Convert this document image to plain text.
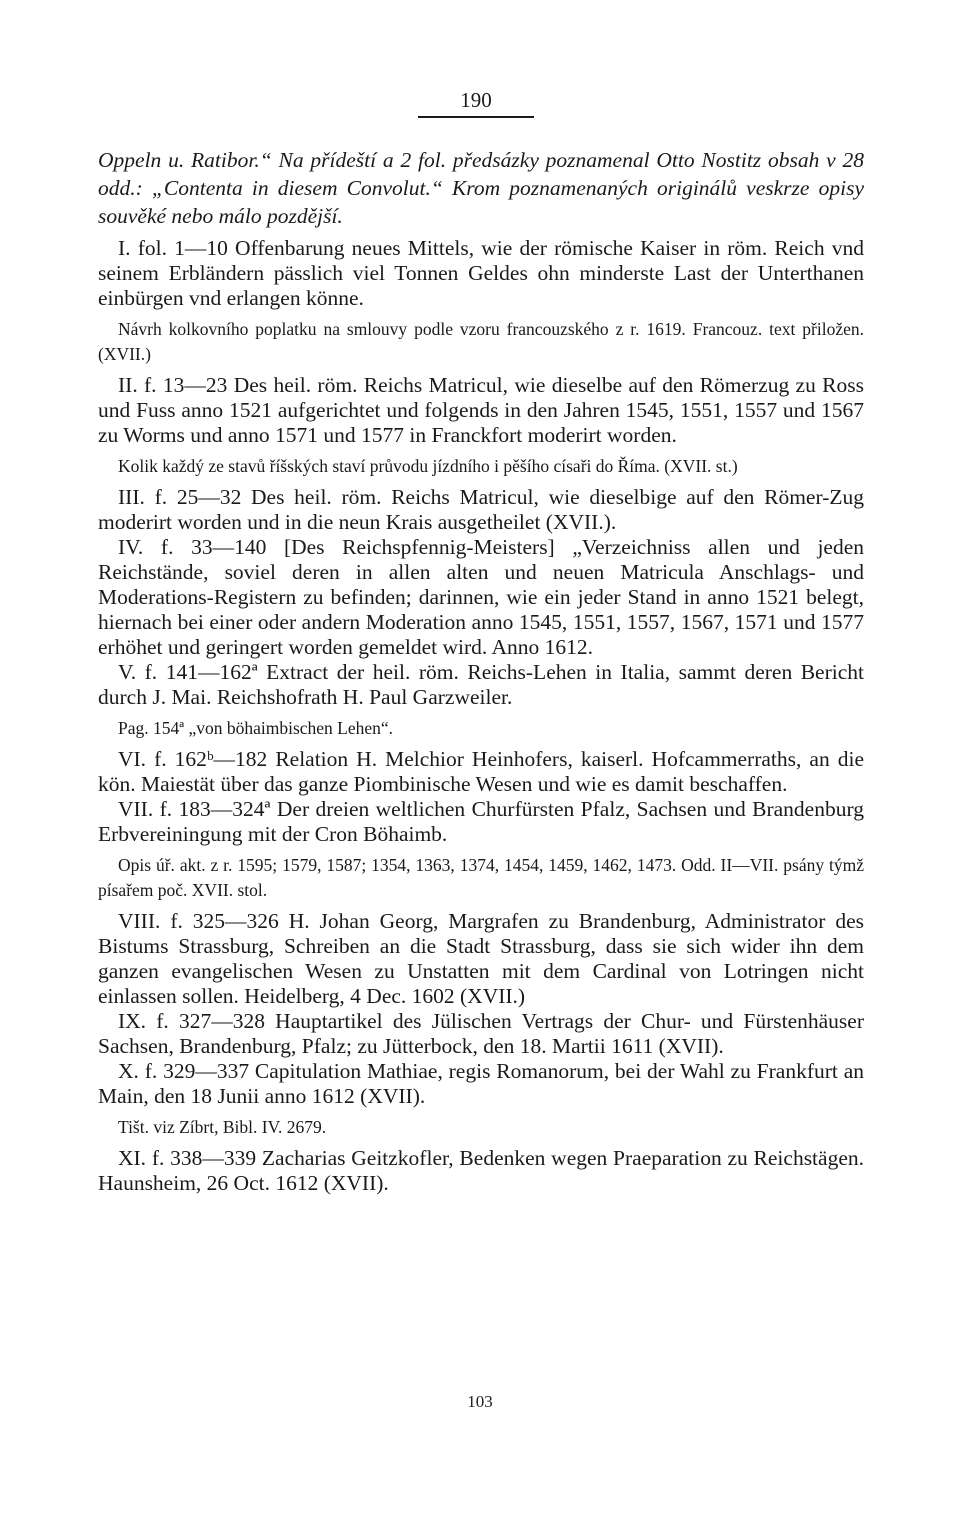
190

Oppeln u. Ratibor.“ Na přídeští a 2 fol. předsázky poznamenal Otto Nostitz obsah v 28 odd.: „Contenta in diesem Convolut.“ Krom poznamenaných originálů veskrze opisy souvěké nebo málo pozdější.

I. fol. 1—10 Offenbarung neues Mittels, wie der römische Kaiser in röm. Reich vnd seinem Erbländern pässlich viel Tonnen Geldes ohn minderste Last der Unterthanen einbürgen vnd erlangen könne.

Návrh kolkovního poplatku na smlouvy podle vzoru francouzského z r. 1619. Francouz. text přiložen. (XVII.)

II. f. 13—23 Des heil. röm. Reichs Matricul, wie dieselbe auf den Römerzug zu Ross und Fuss anno 1521 aufgerichtet und folgends in den Jahren 1545, 1551, 1557 und 1567 zu Worms und anno 1571 und 1577 in Franckfort moderirt worden.

Kolik každý ze stavů říšských staví průvodu jízdního i pěšího císaři do Říma. (XVII. st.)

III. f. 25—32 Des heil. röm. Reichs Matricul, wie dieselbige auf den Römer-Zug moderirt worden und in die neun Krais ausgetheilet (XVII.).

IV. f. 33—140 [Des Reichspfennig-Meisters] „Verzeichniss allen und jeden Reichstände, soviel deren in allen alten und neuen Matricula Anschlags- und Moderations-Registern zu befinden; darinnen, wie ein jeder Stand in anno 1521 belegt, hiernach bei einer oder andern Moderation anno 1545, 1551, 1557, 1567, 1571 und 1577 erhöhet und geringert worden gemeldet wird. Anno 1612.

V. f. 141—162ª Extract der heil. röm. Reichs-Lehen in Italia, sammt deren Bericht durch J. Mai. Reichshofrath H. Paul Garzweiler.

Pag. 154ª „von böhaimbischen Lehen“.

VI. f. 162ᵇ—182 Relation H. Melchior Heinhofers, kaiserl. Hofcammerraths, an die kön. Maiestät über das ganze Piombinische Wesen und wie es damit beschaffen.

VII. f. 183—324ª Der dreien weltlichen Churfürsten Pfalz, Sachsen und Brandenburg Erbvereiningung mit der Cron Böhaimb.

Opis úř. akt. z r. 1595; 1579, 1587; 1354, 1363, 1374, 1454, 1459, 1462, 1473. Odd. II—VII. psány týmž písařem poč. XVII. stol.

VIII. f. 325—326 H. Johan Georg, Margrafen zu Brandenburg, Administrator des Bistums Strassburg, Schreiben an die Stadt Strassburg, dass sie sich wider ihn dem ganzen evangelischen Wesen zu Unstatten mit dem Cardinal von Lotringen nicht einlassen sollen. Heidelberg, 4 Dec. 1602 (XVII.)

IX. f. 327—328 Hauptartikel des Jülischen Vertrags der Chur- und Fürstenhäuser Sachsen, Brandenburg, Pfalz; zu Jütterbock, den 18. Martii 1611 (XVII).

X. f. 329—337 Capitulation Mathiae, regis Romanorum, bei der Wahl zu Frankfurt an Main, den 18 Junii anno 1612 (XVII).

Tišt. viz Zíbrt, Bibl. IV. 2679.

XI. f. 338—339 Zacharias Geitzkofler, Bedenken wegen Praeparation zu Reichstägen. Haunsheim, 26 Oct. 1612 (XVII).

103
